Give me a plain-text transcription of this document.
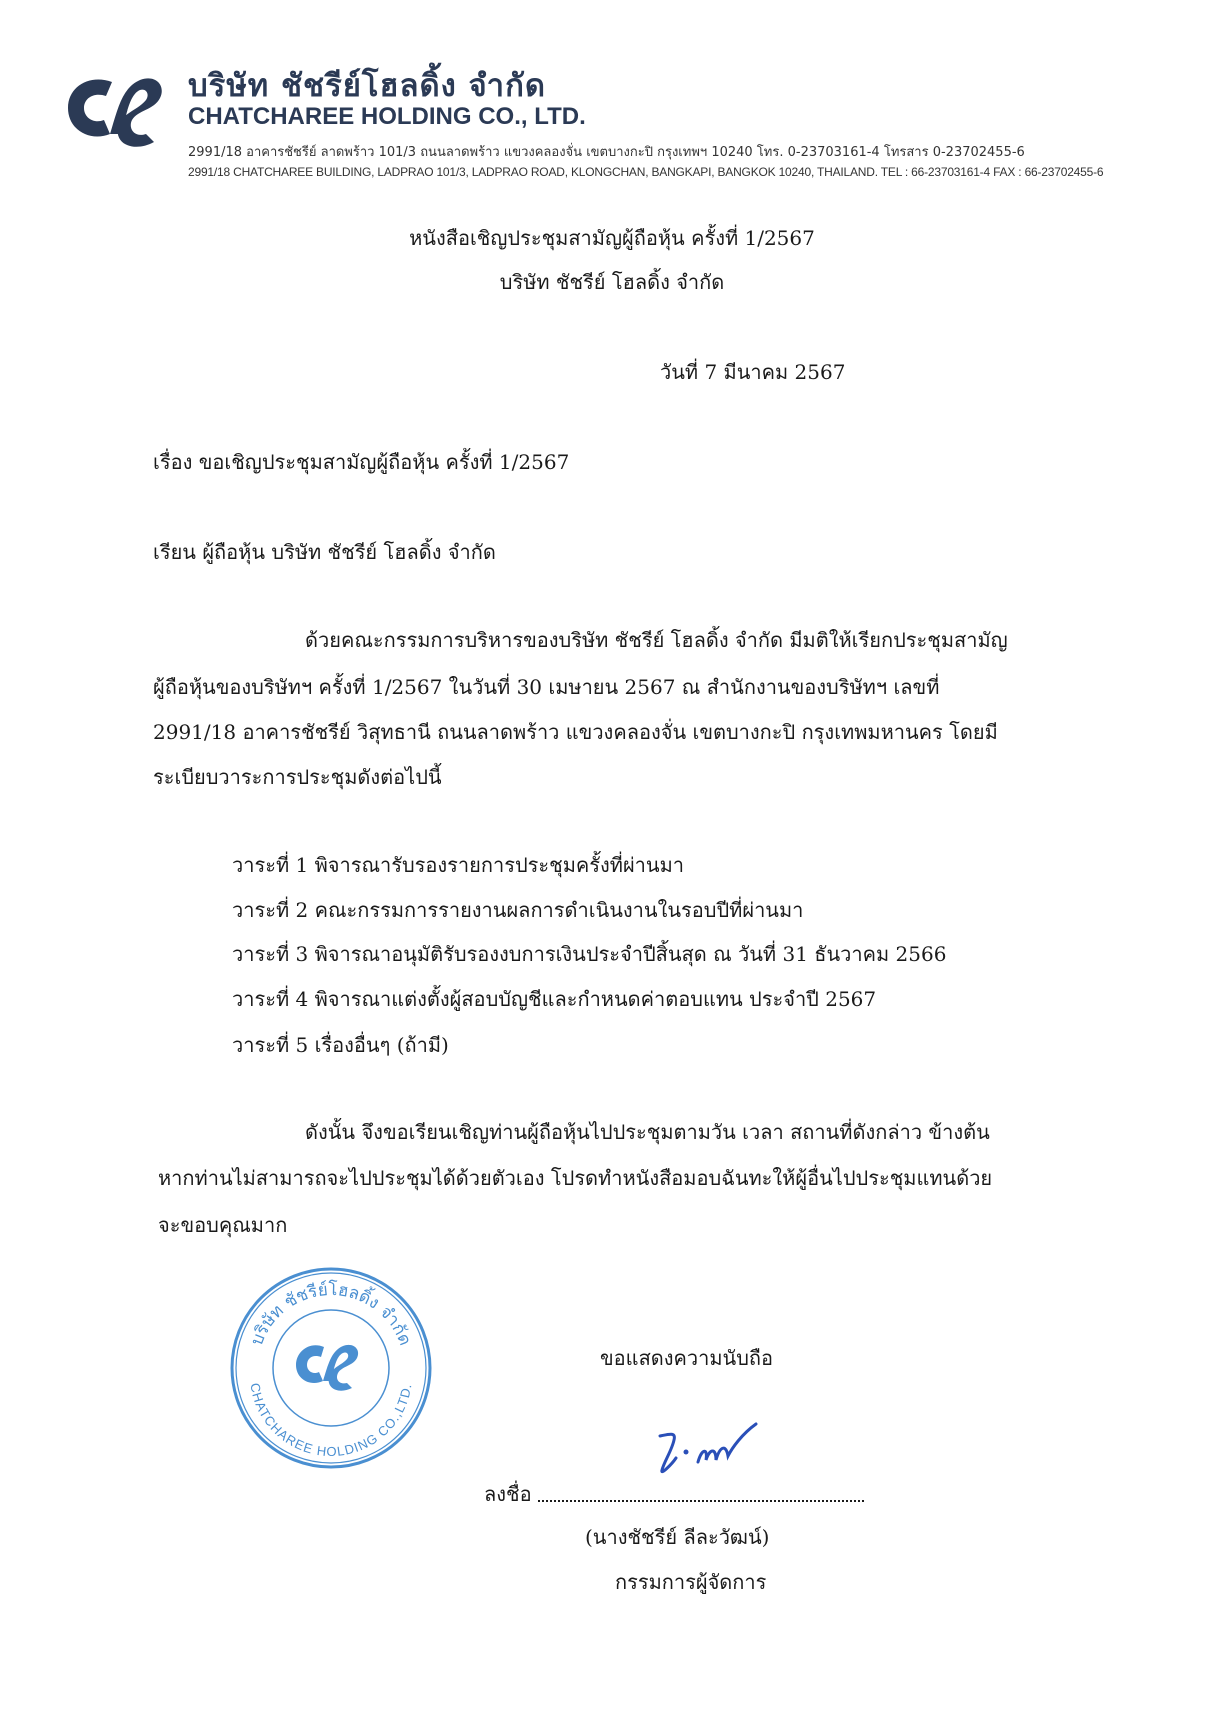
บริษัท ชัชรีย์โฮลดิ้ง จำกัด
CHATCHAREE HOLDING CO., LTD.
2991/18 อาคารชัชรีย์ ลาดพร้าว 101/3 ถนนลาดพร้าว แขวงคลองจั่น เขตบางกะปิ กรุงเทพฯ 10240 โทร. 0-23703161-4 โทรสาร 0-23702455-6
2991/18 CHATCHAREE BUILDING, LADPRAO 101/3, LADPRAO ROAD, KLONGCHAN, BANGKAPI, BANGKOK 10240, THAILAND. TEL : 66-23703161-4 FAX : 66-23702455-6
หนังสือเชิญประชุมสามัญผู้ถือหุ้น ครั้งที่ 1/2567
บริษัท ชัชรีย์ โฮลดิ้ง จำกัด
วันที่ 7 มีนาคม 2567
เรื่อง ขอเชิญประชุมสามัญผู้ถือหุ้น ครั้งที่ 1/2567
เรียน ผู้ถือหุ้น บริษัท ชัชรีย์ โฮลดิ้ง จำกัด
ด้วยคณะกรรมการบริหารของบริษัท ชัชรีย์ โฮลดิ้ง จำกัด มีมติให้เรียกประชุมสามัญ
ผู้ถือหุ้นของบริษัทฯ ครั้งที่ 1/2567 ในวันที่ 30 เมษายน 2567 ณ สำนักงานของบริษัทฯ เลขที่
2991/18 อาคารชัชรีย์ วิสุทธานี ถนนลาดพร้าว แขวงคลองจั่น เขตบางกะปิ กรุงเทพมหานคร โดยมี
ระเบียบวาระการประชุมดังต่อไปนี้
วาระที่ 1 พิจารณารับรองรายการประชุมครั้งที่ผ่านมา
วาระที่ 2 คณะกรรมการรายงานผลการดำเนินงานในรอบปีที่ผ่านมา
วาระที่ 3 พิจารณาอนุมัติรับรองงบการเงินประจำปีสิ้นสุด ณ วันที่ 31 ธันวาคม 2566
วาระที่ 4 พิจารณาแต่งตั้งผู้สอบบัญชีและกำหนดค่าตอบแทน ประจำปี 2567
วาระที่ 5 เรื่องอื่นๆ (ถ้ามี)
ดังนั้น จึงขอเรียนเชิญท่านผู้ถือหุ้นไปประชุมตามวัน เวลา สถานที่ดังกล่าว ข้างต้น
หากท่านไม่สามารถจะไปประชุมได้ด้วยตัวเอง โปรดทำหนังสือมอบฉันทะให้ผู้อื่นไปประชุมแทนด้วย
จะขอบคุณมาก
บริษัท ชัชรีย์โฮลดิ้ง จำกัด
CHATCHAREE HOLDING CO.,LTD.
ขอแสดงความนับถือ
ลงชื่อ
(นางชัชรีย์ ลีละวัฒน์)
กรรมการผู้จัดการ
